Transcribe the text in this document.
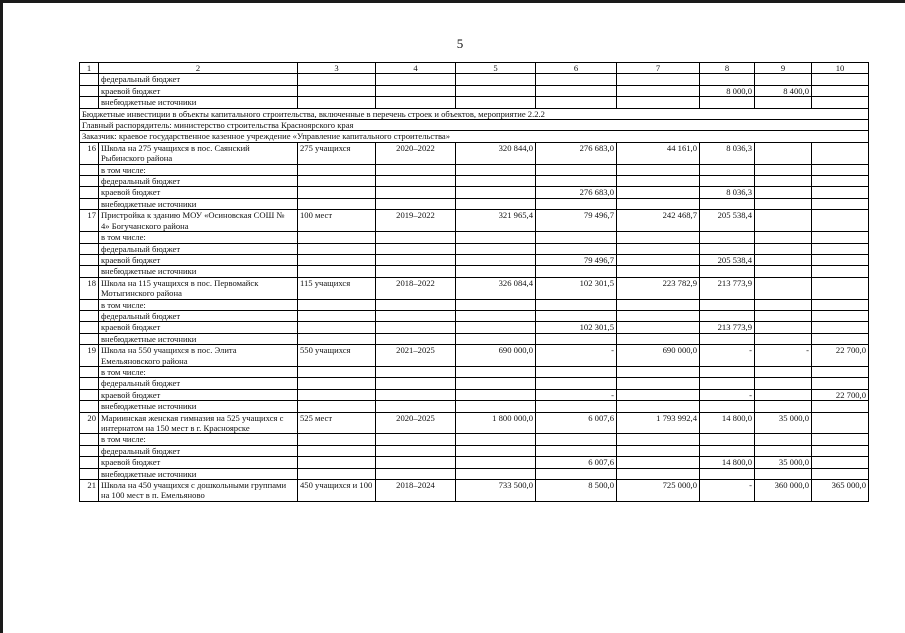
5
1	2	3	4	5	6	7	8	9	10
	федеральный бюджет								
	краевой бюджет						8 000,0	8 400,0	
	внебюджетные источники								
Бюджетные инвестиции в объекты капитального строительства, включенные в перечень строек и объектов, мероприятие 2.2.2									
Главный распорядитель: министерство строительства Красноярского края									
Заказчик: краевое государственное казенное учреждение «Управление капитального строительства»									
16	Школа на 275 учащихся в пос. Саянский Рыбинского района	275 учащихся	2020–2022	320 844,0	276 683,0	44 161,0	8 036,3		
	в том числе:								
	федеральный бюджет								
	краевой бюджет				276 683,0		8 036,3		
	внебюджетные источники								
17	Пристройка к зданию МОУ «Осиновская СОШ № 4» Богучанского района	100 мест	2019–2022	321 965,4	79 496,7	242 468,7	205 538,4		
	в том числе:								
	федеральный бюджет								
	краевой бюджет				79 496,7		205 538,4		
	внебюджетные источники								
18	Школа на 115 учащихся в пос. Первомайск Мотыгинского района	115 учащихся	2018–2022	326 084,4	102 301,5	223 782,9	213 773,9		
	в том числе:								
	федеральный бюджет								
	краевой бюджет				102 301,5		213 773,9		
	внебюджетные источники								
19	Школа на 550 учащихся в пос. Элита Емельяновского района	550 учащихся	2021–2025	690 000,0	-	690 000,0	-	-	22 700,0
	в том числе:								
	федеральный бюджет								
	краевой бюджет				-		-		22 700,0
	внебюджетные источники								
20	Мариинская женская гимназия на 525 учащихся с интернатом на 150 мест в г. Красноярске	525 мест	2020–2025	1 800 000,0	6 007,6	1 793 992,4	14 800,0	35 000,0	
	в том числе:								
	федеральный бюджет								
	краевой бюджет				6 007,6		14 800,0	35 000,0	
	внебюджетные источники								
21	Школа на 450 учащихся с дошкольными группами на 100 мест в п. Емельяново	450 учащихся и 100	2018–2024	733 500,0	8 500,0	725 000,0	-	360 000,0	365 000,0
